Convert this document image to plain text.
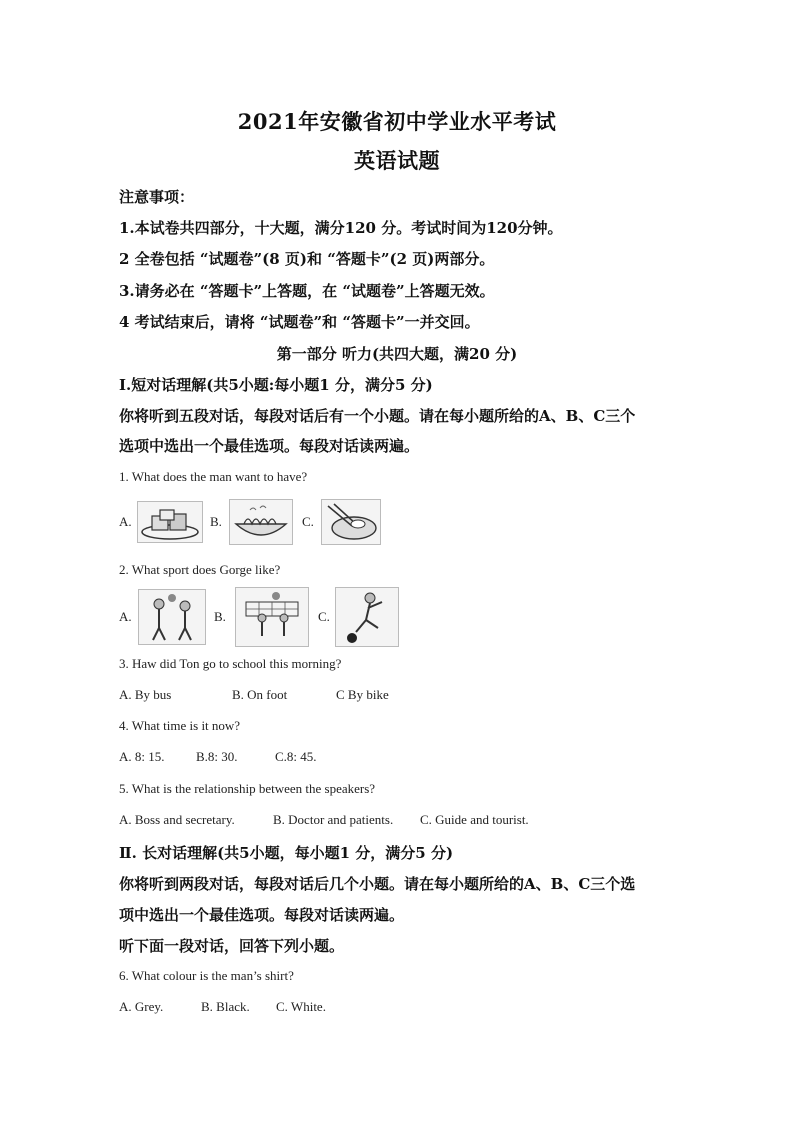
2021年安徽省初中学业水平考试
英语试题
注意事项：
1.本试卷共四部分，十大题，满分120 分。考试时间为120分钟。
2 全卷包括 “试题卷”(8 页)和 “答题卡”(2 页)两部分。
3.请务必在 “答题卡”上答题，在 “试题卷”上答题无效。
4 考试结束后，请将 “试题卷”和 “答题卡”一并交回。
第一部分 听力(共四大题，满20 分)
Ⅰ.短对话理解(共5小题:每小题1 分，满分5 分)
你将听到五段对话，每段对话后有一个小题。请在每小题所给的A、B、C三个
选项中选出一个最佳选项。每段对话读两遍。
1. What does the man want to have?
A.	B.	C.
2. What sport does Gorge like?
A.	B.	C.
3. Haw did Ton go to school this morning?
A. By bus	B. On foot	C By bike
4. What time is it now?
A. 8: 15. B.8: 30.	C.8: 45.
5. What is the relationship between the speakers?
A. Boss and secretary.	B. Doctor and patients. C. Guide and tourist.
Ⅱ. 长对话理解(共5小题，每小题1 分，满分5 分)
你将听到两段对话，每段对话后几个小题。请在每小题所给的A、B、C三个选
项中选出一个最佳选项。每段对话读两遍。
听下面一段对话，回答下列小题。
6. What colour is the man’s shirt?
A. Grey.	B. Black. C. White.
